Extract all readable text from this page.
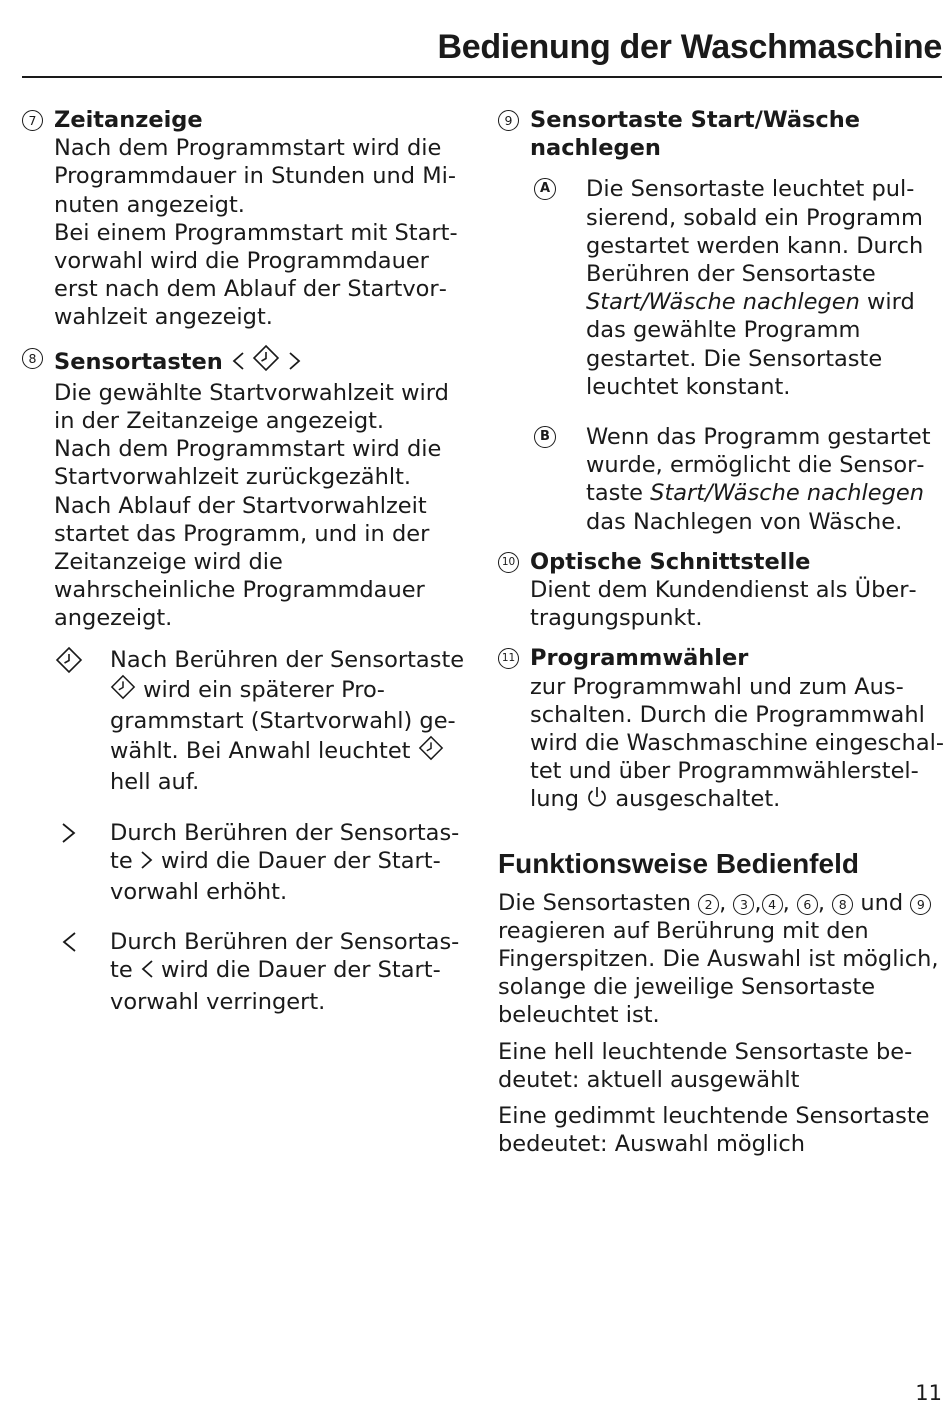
Bedienung der Waschmaschine
7 Zeitanzeige
Nach dem Programmstart wird die Programmdauer in Stunden und Minuten angezeigt.
Bei einem Programmstart mit Startvorwahl wird die Programmdauer erst nach dem Ablauf der Startvorwahlzeit angezeigt.
8 Sensortasten
Die gewählte Startvorwahlzeit wird in der Zeitanzeige angezeigt.
Nach dem Programmstart wird die Startvorwahlzeit zurückgezählt.
Nach Ablauf der Startvorwahlzeit startet das Programm, und in der Zeitanzeige wird die wahrscheinliche Programmdauer angezeigt.
Nach Berühren der Sensortaste  wird ein späterer Programmstart (Startvorwahl) gewählt. Bei Anwahl leuchtet  hell auf.
Durch Berühren der Sensortaste wird die Dauer der Startvorwahl erhöht.
Durch Berühren der Sensortaste wird die Dauer der Startvorwahl verringert.
9 Sensortaste Start/Wäsche nachlegen
A Die Sensortaste leuchtet pulsierend, sobald ein Programm gestartet werden kann. Durch Berühren der Sensortaste Start/Wäsche nachlegen wird das gewählte Programm gestartet. Die Sensortaste leuchtet konstant.
B Wenn das Programm gestartet wurde, ermöglicht die Sensortaste Start/Wäsche nachlegen das Nachlegen von Wäsche.
10 Optische Schnittstelle
Dient dem Kundendienst als Übertragungspunkt.
11 Programmwähler
zur Programmwahl und zum Ausschalten. Durch die Programmwahl wird die Waschmaschine eingeschaltet und über Programmwählerstellung ausgeschaltet.
Funktionsweise Bedienfeld
Die Sensortasten 2 , 3 , 4 , 6 , 8 und 9 reagieren auf Berührung mit den Fingerspitzen. Die Auswahl ist möglich, solange die jeweilige Sensortaste beleuchtet ist.
Eine hell leuchtende Sensortaste bedeutet: aktuell ausgewählt
Eine gedimmt leuchtende Sensortaste bedeutet: Auswahl möglich
11
